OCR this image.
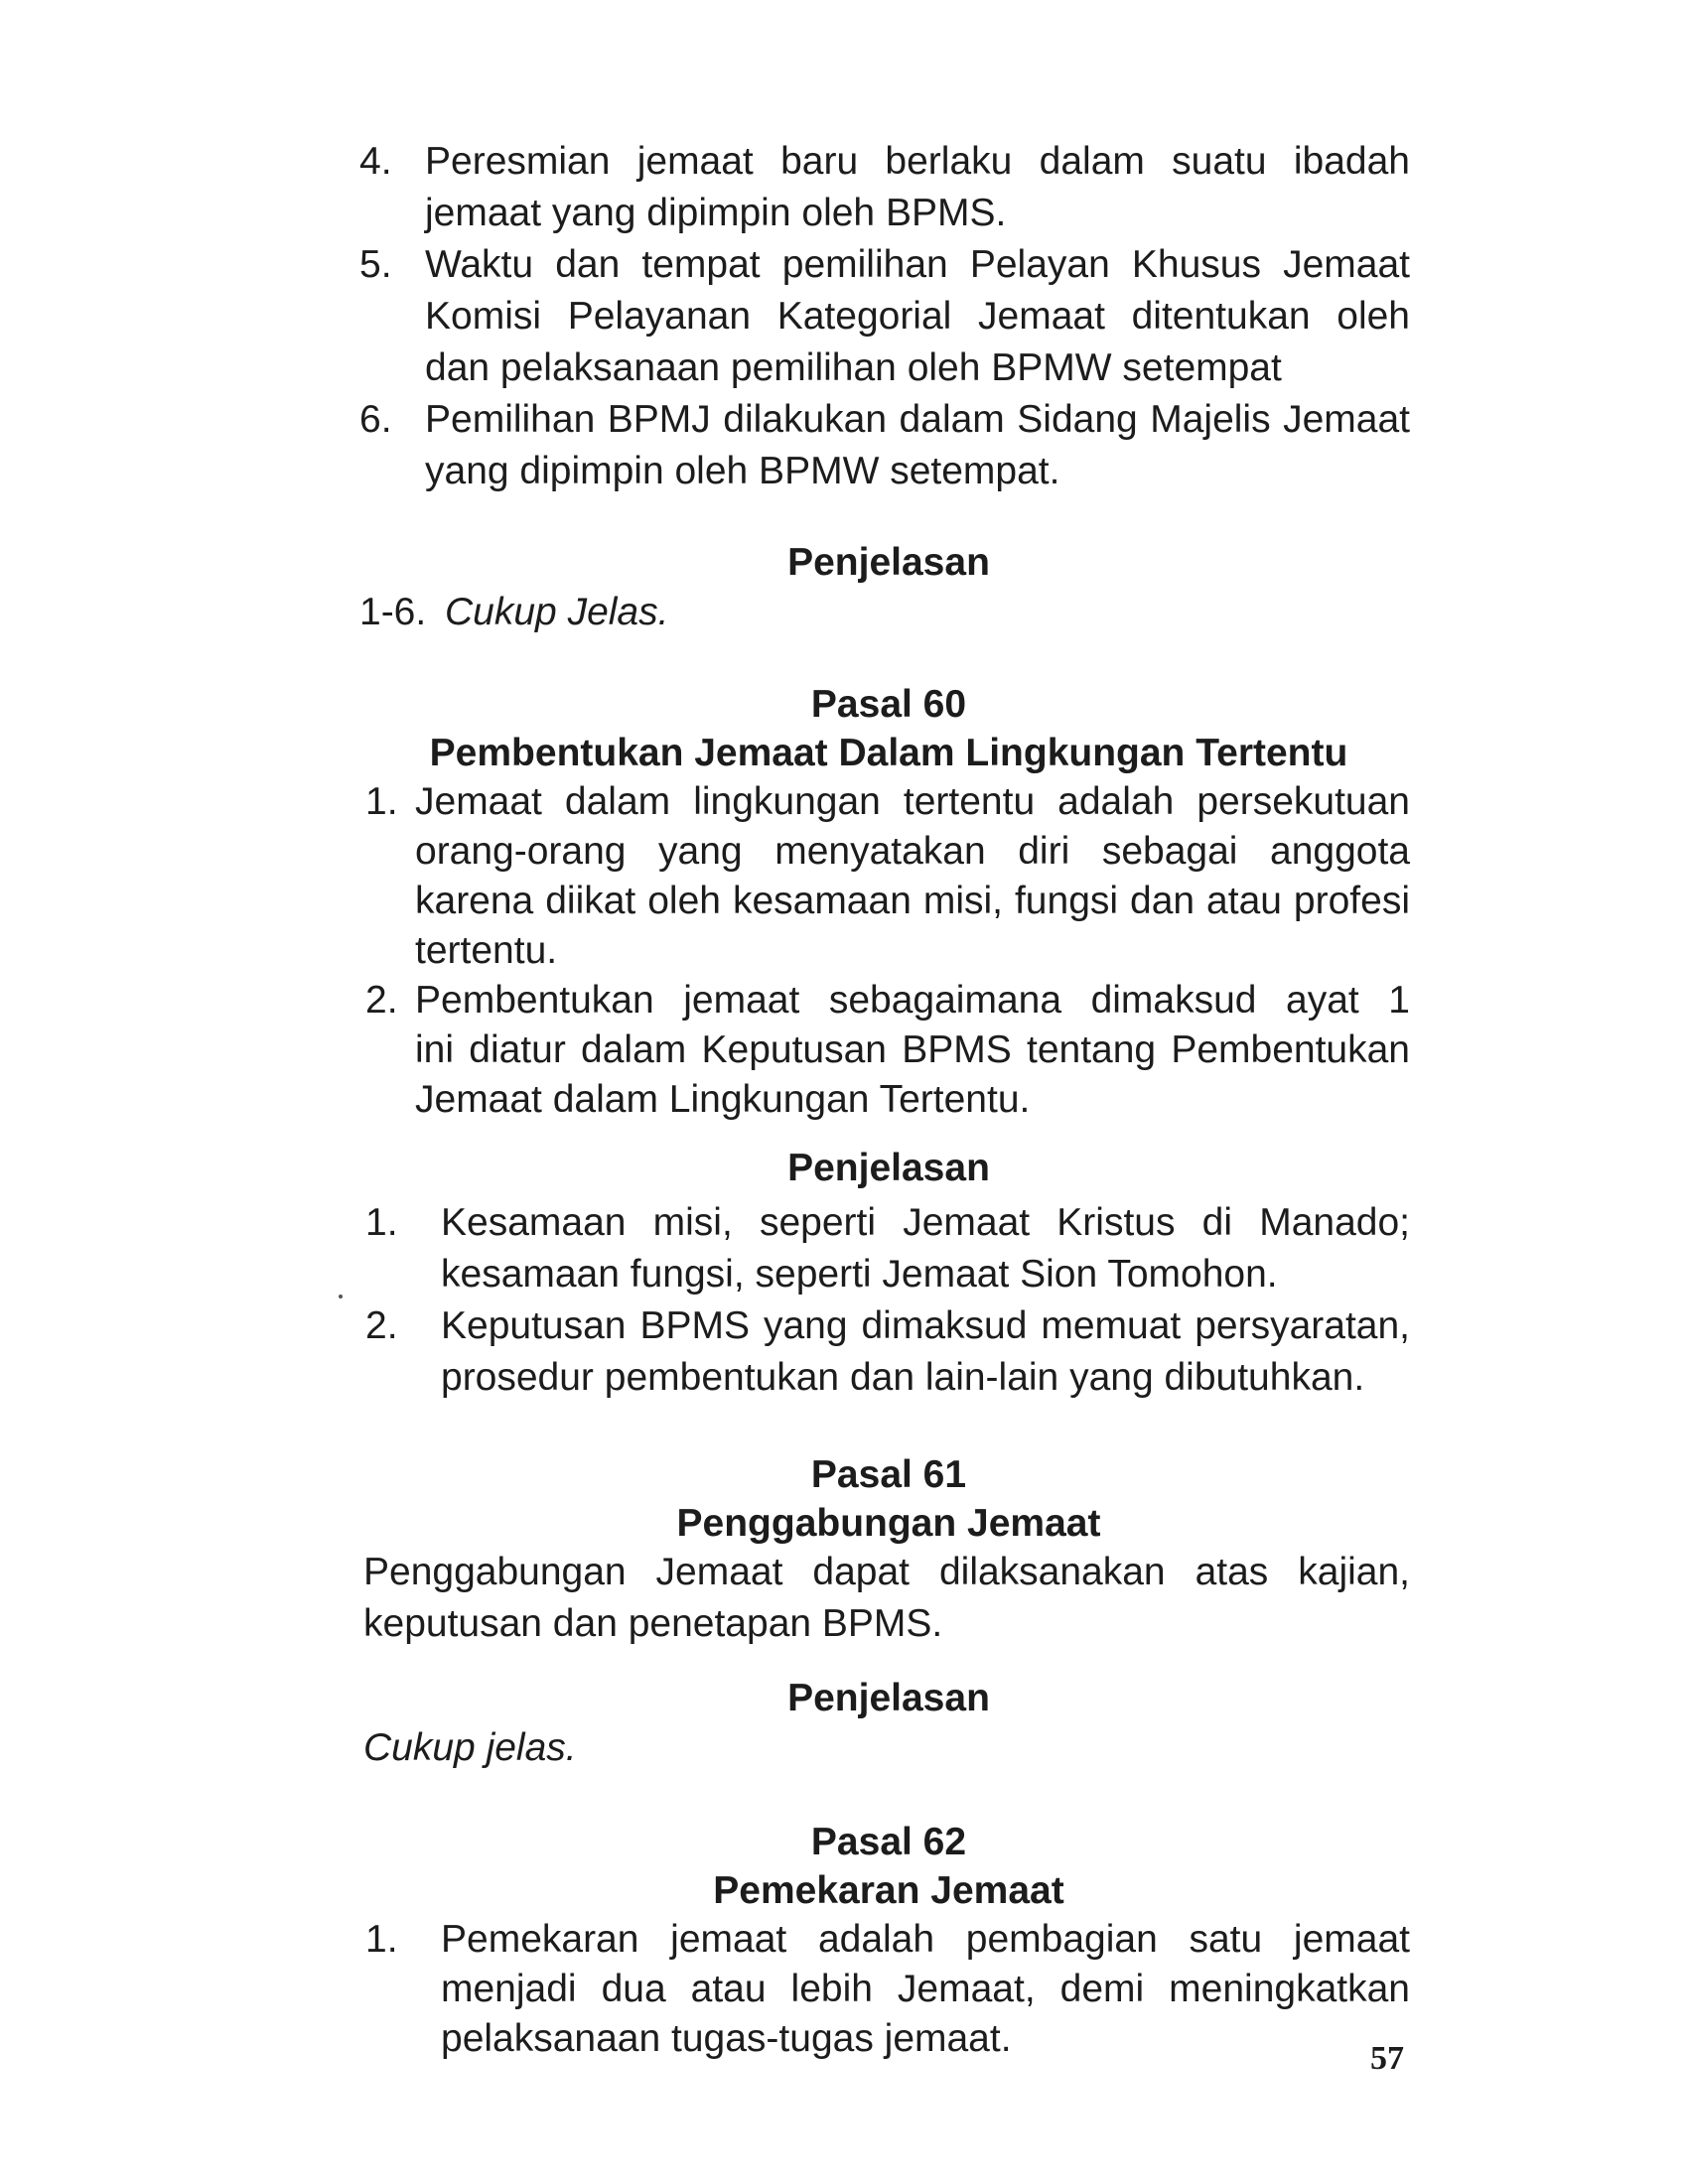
4. Peresmian jemaat baru berlaku dalam suatu ibadah
jemaat yang dipimpin oleh BPMS.
5. Waktu dan tempat pemilihan Pelayan Khusus Jemaat
Komisi Pelayanan Kategorial Jemaat ditentukan oleh
dan pelaksanaan pemilihan oleh BPMW setempat
6. Pemilihan BPMJ dilakukan dalam Sidang Majelis Jemaat
yang dipimpin oleh BPMW setempat.
Penjelasan
1-6. Cukup Jelas.
Pasal 60
Pembentukan Jemaat Dalam Lingkungan Tertentu
1. Jemaat dalam lingkungan tertentu adalah persekutuan
orang-orang yang menyatakan diri sebagai anggota
karena diikat oleh kesamaan misi, fungsi dan atau profesi
tertentu.
2. Pembentukan jemaat sebagaimana dimaksud ayat 1
ini diatur dalam Keputusan BPMS tentang Pembentukan
Jemaat dalam Lingkungan Tertentu.
Penjelasan
1. Kesamaan misi, seperti Jemaat Kristus di Manado;
kesamaan fungsi, seperti Jemaat Sion Tomohon.
2. Keputusan BPMS yang dimaksud memuat persyaratan,
prosedur pembentukan dan lain-lain yang dibutuhkan.
Pasal 61
Penggabungan Jemaat
Penggabungan Jemaat dapat dilaksanakan atas kajian,
keputusan dan penetapan BPMS.
Penjelasan
Cukup jelas.
Pasal 62
Pemekaran Jemaat
1. Pemekaran jemaat adalah pembagian satu jemaat
menjadi dua atau lebih Jemaat, demi meningkatkan
pelaksanaan tugas-tugas jemaat.	57
